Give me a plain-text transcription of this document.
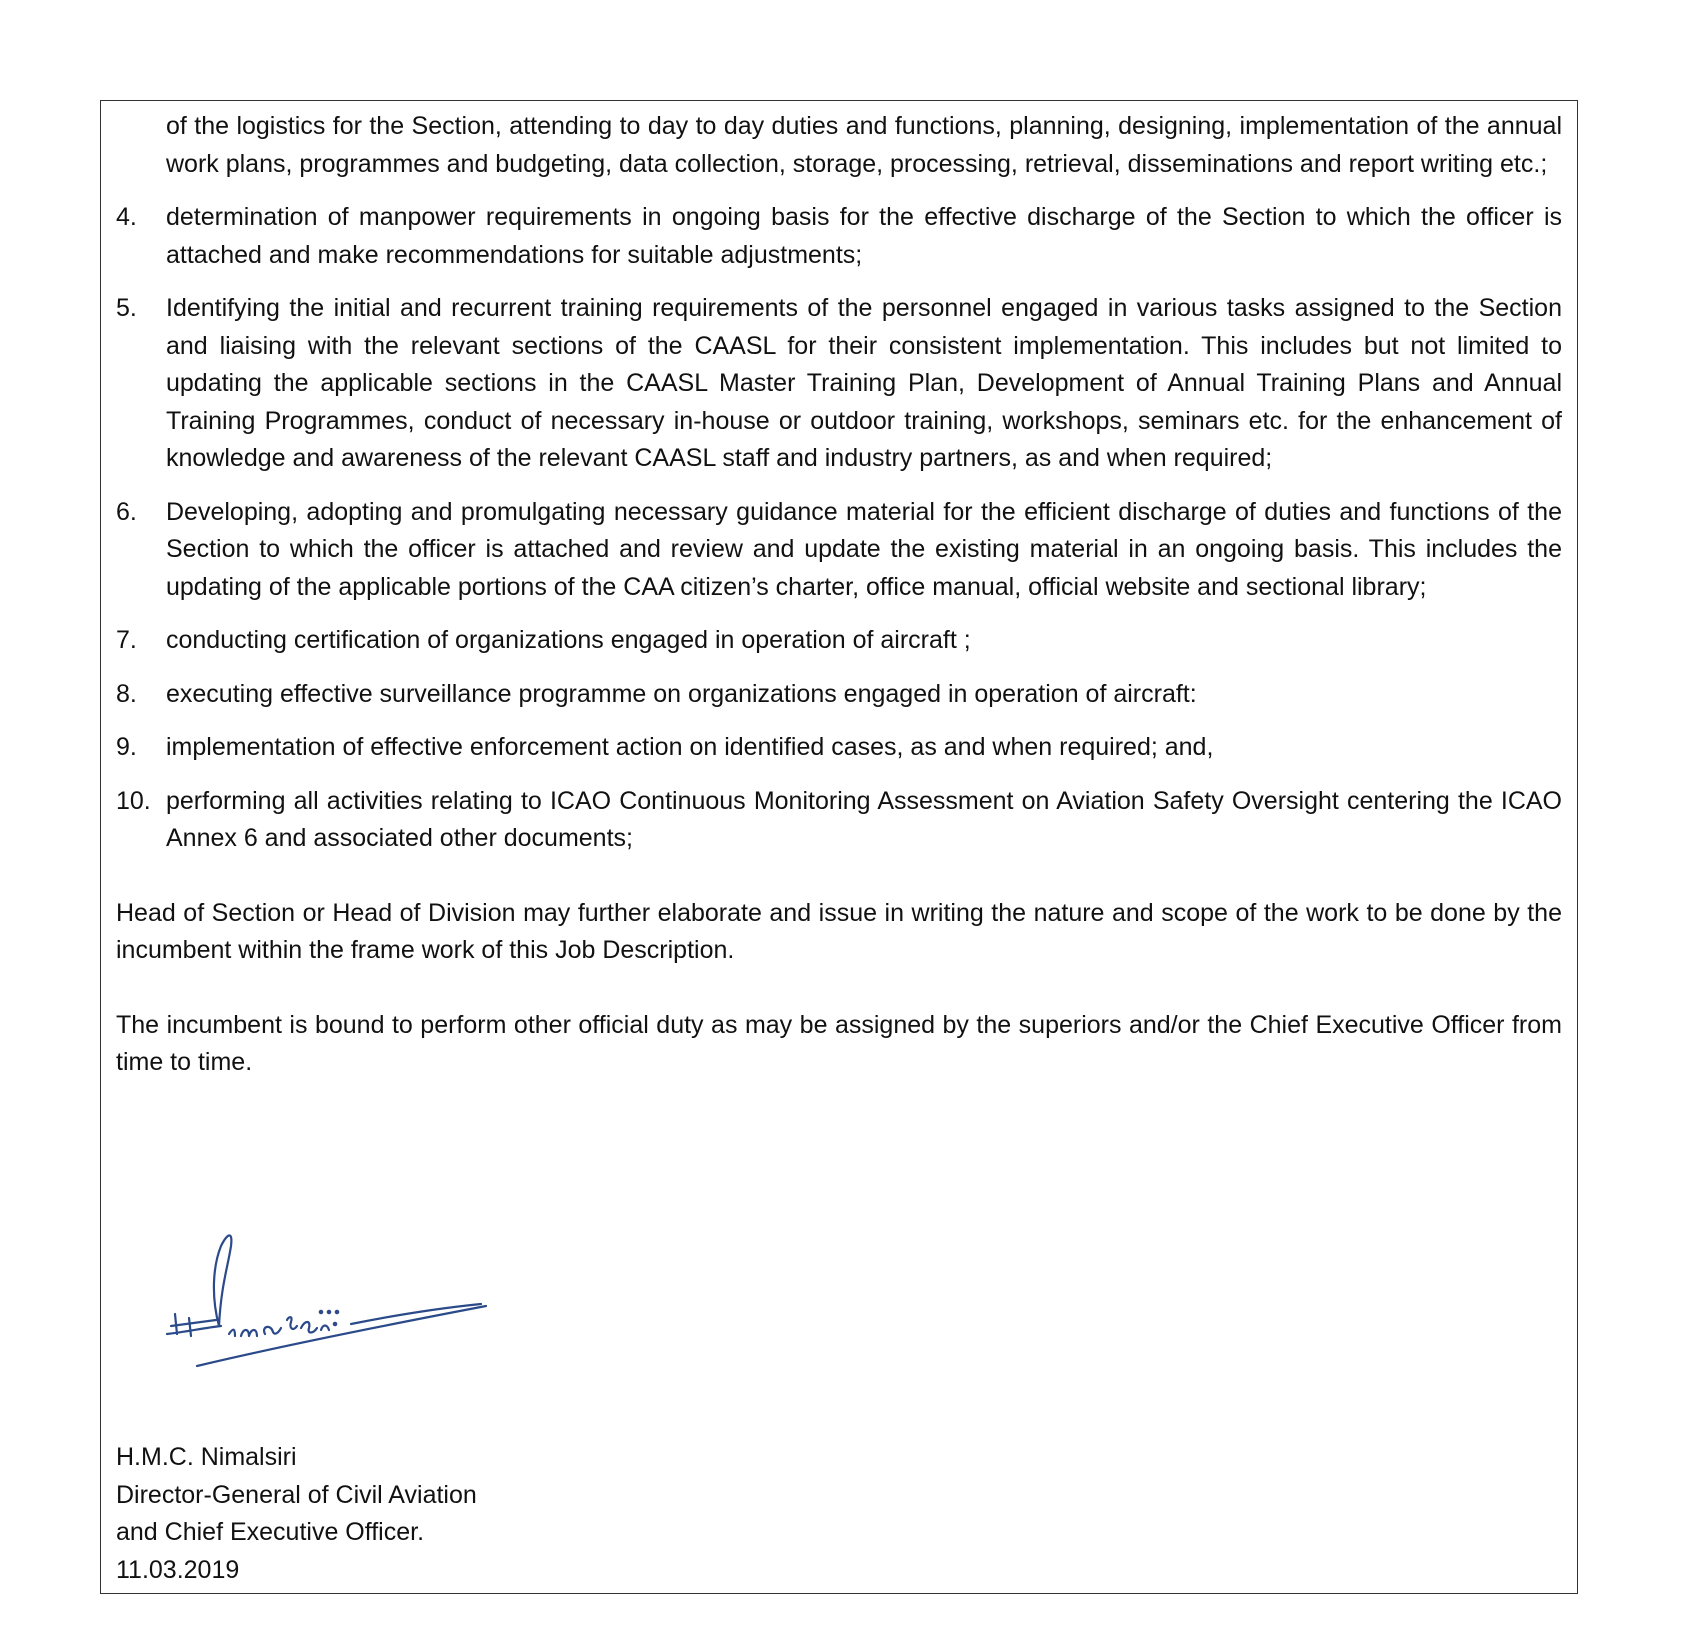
of the logistics for the Section, attending to day to day duties and functions, planning, designing, implementation of the annual work plans, programmes and budgeting, data collection, storage, processing, retrieval, disseminations and report writing etc.;
4. determination of manpower requirements in ongoing basis for the effective discharge of the Section to which the officer is attached and make recommendations for suitable adjustments;
5. Identifying the initial and recurrent training requirements of the personnel engaged in various tasks assigned to the Section and liaising with the relevant sections of the CAASL for their consistent implementation. This includes but not limited to updating the applicable sections in the CAASL Master Training Plan, Development of Annual Training Plans and Annual Training Programmes, conduct of necessary in-house or outdoor training, workshops, seminars etc. for the enhancement of knowledge and awareness of the relevant CAASL staff and industry partners, as and when required;
6. Developing, adopting and promulgating necessary guidance material for the efficient discharge of duties and functions of the Section to which the officer is attached and review and update the existing material in an ongoing basis. This includes the updating of the applicable portions of the CAA citizen’s charter, office manual, official website and sectional library;
7. conducting certification of organizations engaged in operation of aircraft ;
8. executing effective surveillance programme on organizations engaged in operation of aircraft:
9. implementation of effective enforcement action on identified cases, as and when required; and,
10. performing all activities relating to ICAO Continuous Monitoring Assessment on Aviation Safety Oversight centering the ICAO Annex 6 and associated other documents;
Head of Section or Head of Division may further elaborate and issue in writing the nature and scope of the work to be done by the incumbent within the frame work of this Job Description.
The incumbent is bound to perform other official duty as may be assigned by the superiors and/or the Chief Executive Officer from time to time.
H.M.C. Nimalsiri
Director-General of Civil Aviation
and Chief Executive Officer.
11.03.2019
